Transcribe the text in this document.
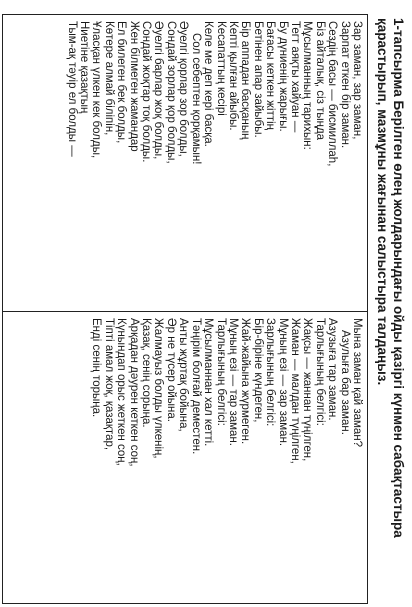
1-тапсырма Берілген өлең жолдарындағы ойды қазіргі күнмен сабақтастыра
қарастырып, мазмұны жағынан салыстыра талдаңыз.
Зар заман, зар заман,
Зарпат еткен бір заман.
Сездің басы — бисмиллаh,
Біз айталық, сіз тыңда
Мұсылманның тарихын:
Тегт аяқты хайуан —
Бу дүниенің жарығы.
Бағасы кеткен жіттің
Бетінен апар зайыбы.
Бір аппадан басқаның
Кепті қылған айыбы.
Кесапаттың кесірі
Келе ме деп кері басқа.
Сол себептен қорқамын!
Әуелгі қорлар зор болды,
Сондай зорлар қор болды,
Әуелгі барлар жоқ болды,
Сондай жоқтар тоқ болды.
Жен білмеген жамандар
Ел билеген бек болды,
Көтере алмай біліпін,
Ұласқан үлкен кек болды,
Ниетіне қазақтың
Тым-ақ тәуір ел болды —
Мына заман қай заман?
Азулыға бар заман.
Азузыға тар заман.
Тарлығының белгісі:
Жақсы — жаннан түңілген,
Жаман — малдан түңілген,
Мұның езі — зар заман.
Зарлығының белгісі:
Бір-біріне күндеген,
Жай-жайына жүрмеген.
Мұның езі — тар заман.
Тарлығының белгісі:
Мұсылманнан хал кетті.
Тәңірім болғай деместен.
Анты жұртақ бойына,
Әр не түсер ойына.
Жалмауыз болды үлкенің,
Қазақ, сенің сорыңа.
Арқадан дәурен кеткен соң,
Күнындап орыс жеткен соң,
Тіпті амал жоқ, қазақтар,
Енді сенің торыңа.
